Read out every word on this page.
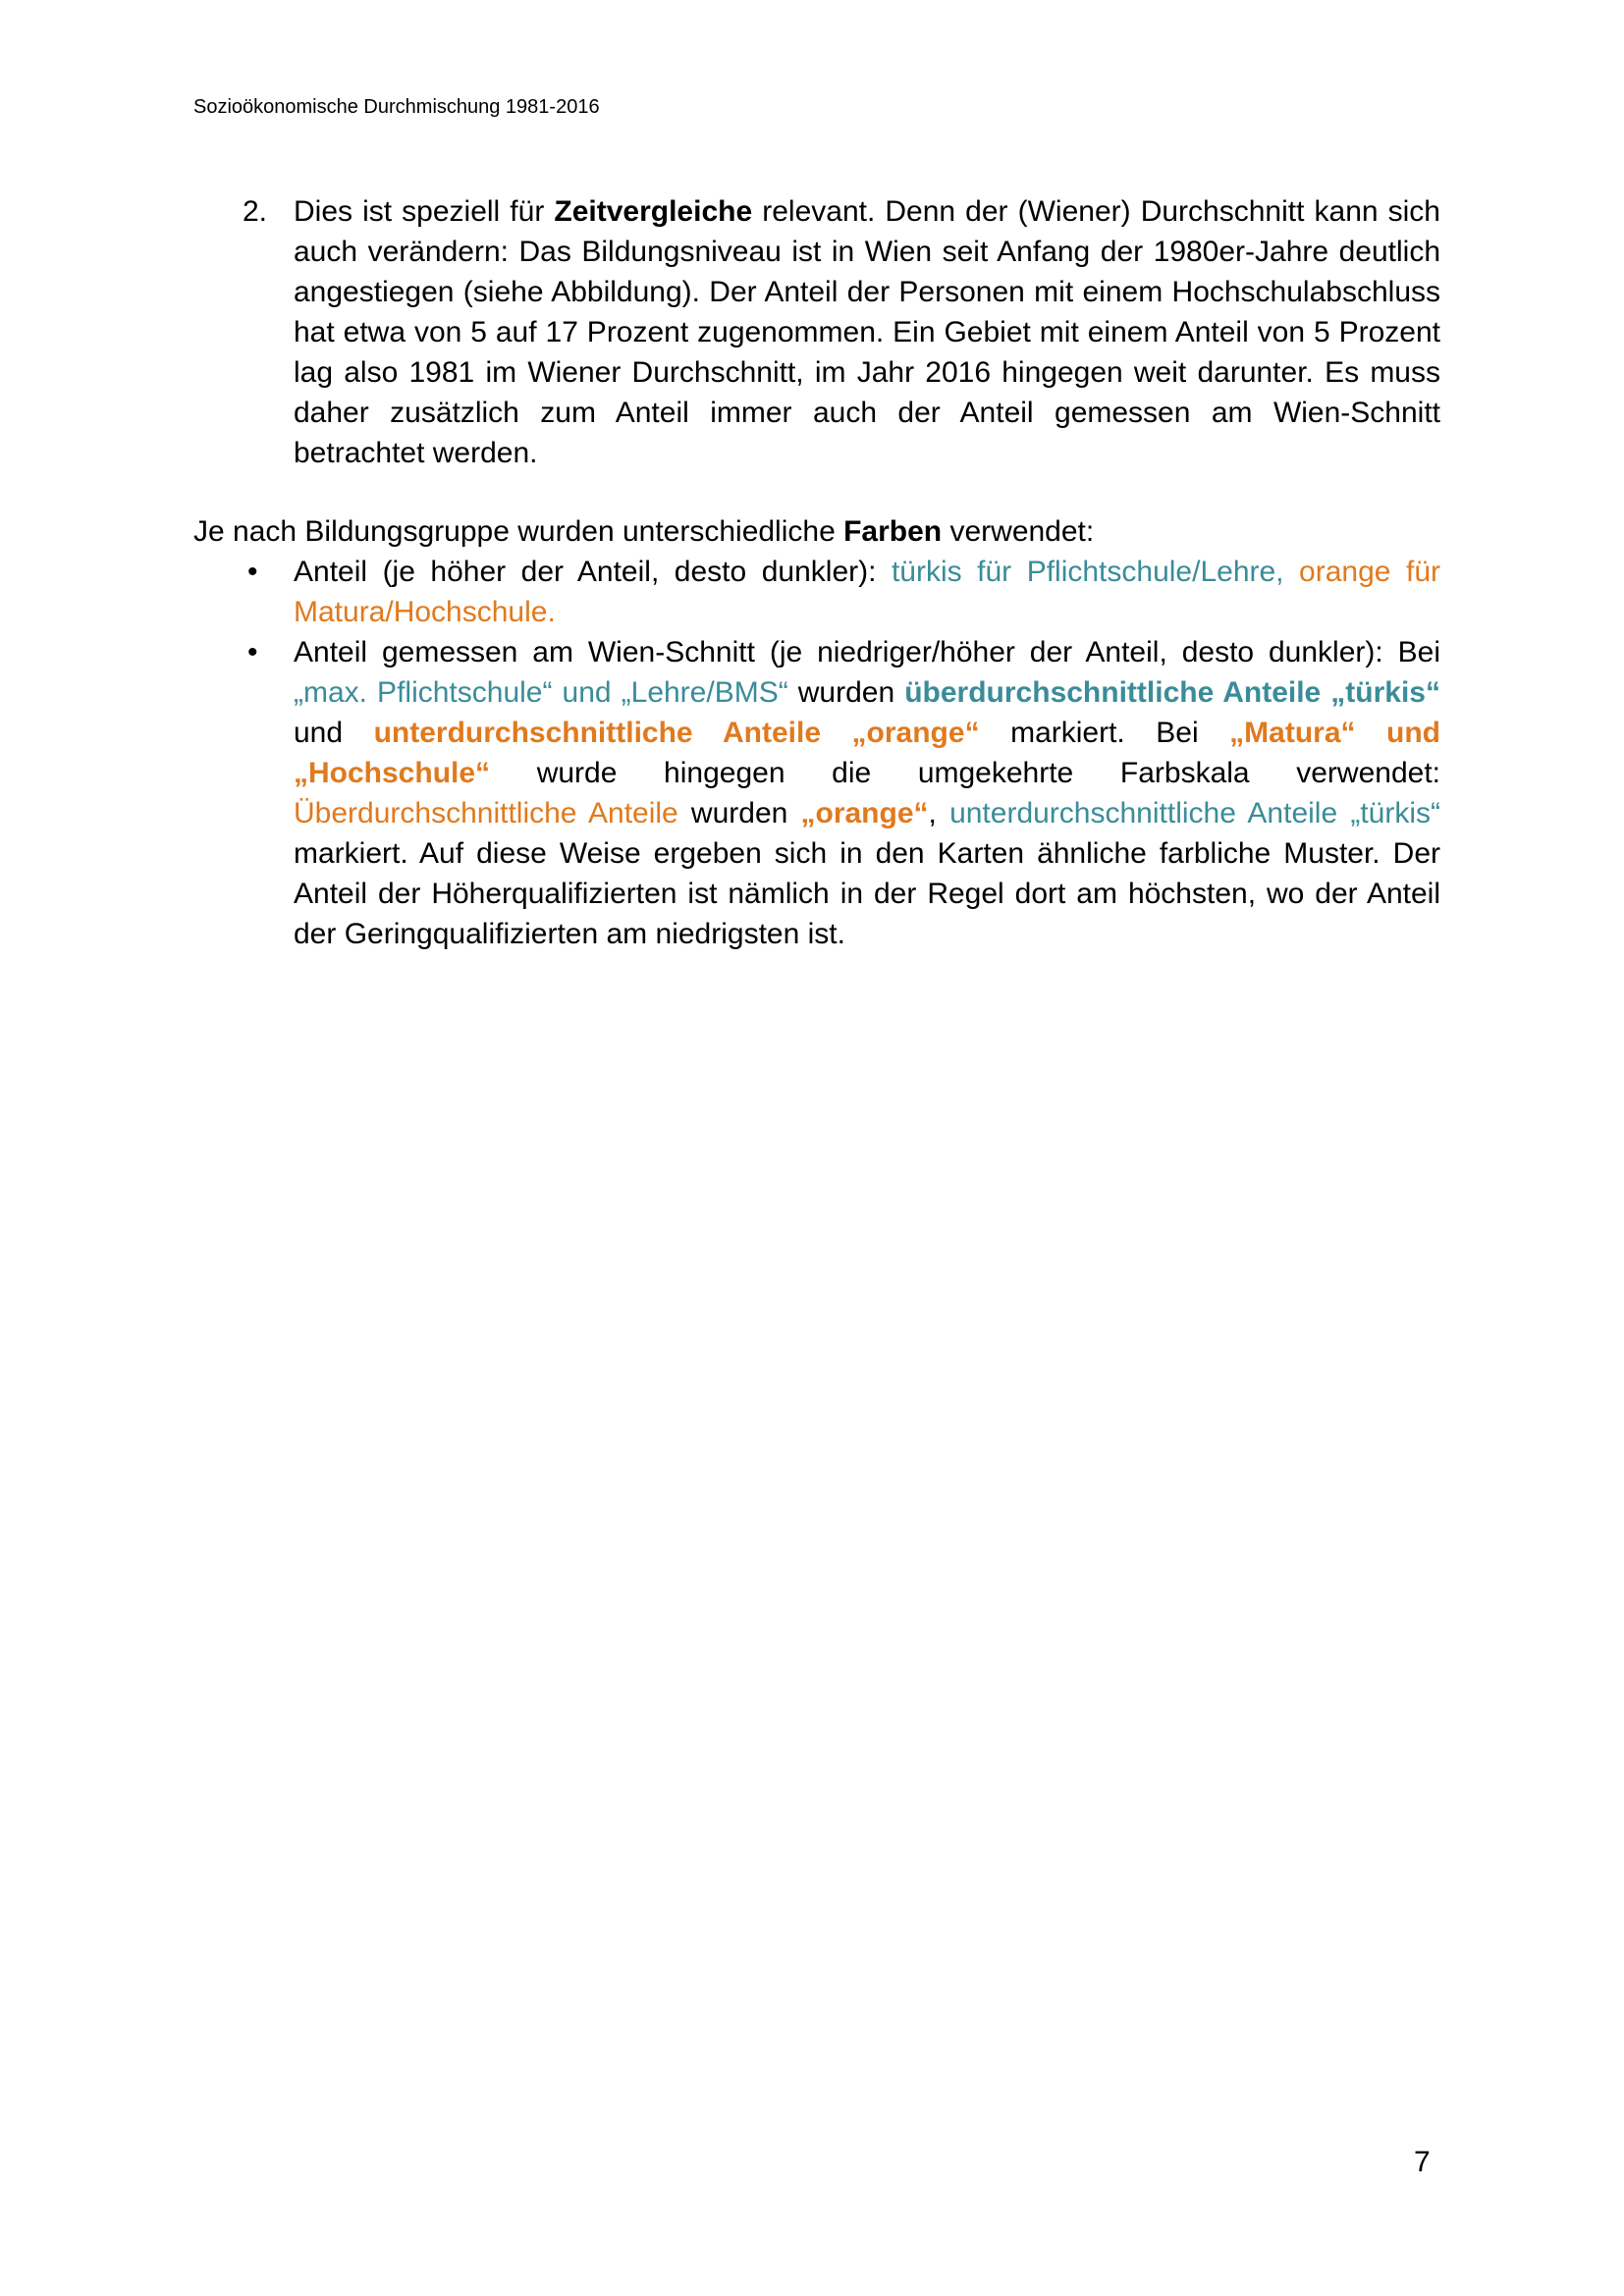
Sozioökonomische Durchmischung 1981-2016
2. Dies ist speziell für Zeitvergleiche relevant. Denn der (Wiener) Durchschnitt kann sich auch verändern: Das Bildungsniveau ist in Wien seit Anfang der 1980er-Jahre deutlich angestiegen (siehe Abbildung). Der Anteil der Personen mit einem Hochschulabschluss hat etwa von 5 auf 17 Prozent zugenommen. Ein Gebiet mit einem Anteil von 5 Prozent lag also 1981 im Wiener Durchschnitt, im Jahr 2016 hingegen weit darunter. Es muss daher zusätzlich zum Anteil immer auch der Anteil gemessen am Wien-Schnitt betrachtet werden.
Je nach Bildungsgruppe wurden unterschiedliche Farben verwendet:
• Anteil (je höher der Anteil, desto dunkler): türkis für Pflichtschule/Lehre, orange für Matura/Hochschule.
• Anteil gemessen am Wien-Schnitt (je niedriger/höher der Anteil, desto dunkler): Bei „max. Pflichtschule“ und „Lehre/BMS“ wurden überdurchschnittliche Anteile „türkis“ und unterdurchschnittliche Anteile „orange“ markiert. Bei „Matura“ und „Hochschule“ wurde hingegen die umgekehrte Farbskala verwendet: Überdurchschnittliche Anteile wurden „orange“, unterdurchschnittliche Anteile „türkis“ markiert. Auf diese Weise ergeben sich in den Karten ähnliche farbliche Muster. Der Anteil der Höherqualifizierten ist nämlich in der Regel dort am höchsten, wo der Anteil der Geringqualifizierten am niedrigsten ist.
7
